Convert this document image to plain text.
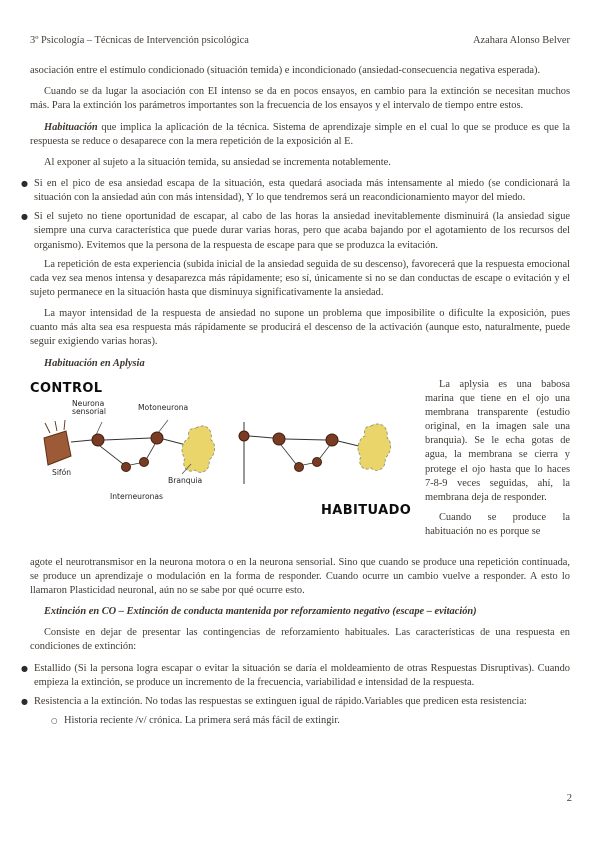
3º Psicología – Técnicas de Intervención psicológica	Azahara Alonso Belver

asociación entre el estímulo condicionado (situación temida) e incondicionado (ansiedad-consecuencia negativa esperada).

Cuando se da lugar la asociación con EI intenso se da en pocos ensayos, en cambio para la extinción se necesitan muchos más. Para la extinción los parámetros importantes son la frecuencia de los ensayos y el intervalo de tiempo entre estos.

Habituación que implica la aplicación de la técnica. Sistema de aprendizaje simple en el cual lo que se produce es que la respuesta se reduce o desaparece con la mera repetición de la exposición al E.

Al exponer al sujeto a la situación temida, su ansiedad se incrementa notablemente.

● Si en el pico de esa ansiedad escapa de la situación, esta quedará asociada más intensamente al miedo (se condicionará la situación con la ansiedad aún con más intensidad), Y lo que tendremos será un reacondicionamiento mayor del miedo.

● Si el sujeto no tiene oportunidad de escapar, al cabo de las horas la ansiedad inevitablemente disminuirá (la ansiedad sigue siempre una curva característica que puede durar varias horas, pero que acaba bajando por el agotamiento de los recursos del organismo). Evitemos que la persona de la respuesta de escape para que se produzca la evitación.

La repetición de esta experiencia (subida inicial de la ansiedad seguida de su descenso), favorecerá que la respuesta emocional cada vez sea menos intensa y desaparezca más rápidamente; eso sí, únicamente si no se dan conductas de escape o evitación y el sujeto permanece en la situación hasta que disminuya significativamente la ansiedad.

La mayor intensidad de la respuesta de ansiedad no supone un problema que imposibilite o dificulte la exposición, pues cuanto más alta sea esa respuesta más rápidamente se producirá el descenso de la activación (aunque esto, naturalmente, puede seguir exigiendo varias horas).

Habituación en Aplysia
CONTROL
Neurona sensorial
Motoneurona
Sifón
Branquia
Interneuronas
HABITUADO

La aplysia es una babosa marina que tiene en el ojo una membrana transparente (estudio original, en la imagen sale una branquia). Se le echa gotas de agua, la membrana se cierra y protege el ojo hasta que lo haces 7-8-9 veces seguidas, ahí, la membrana deja de responder.

Cuando se produce la habituación no es porque se

agote el neurotransmisor en la neurona motora o en la neurona sensorial. Sino que cuando se produce una repetición continuada, se produce un aprendizaje o modulación en la forma de responder. Cuando ocurre un cambio vuelve a responder. A esto lo llamaron Plasticidad neuronal, aún no se sabe por qué ocurre esto.

Extinción en CO – Extinción de conducta mantenida por reforzamiento negativo (escape – evitación)

Consiste en dejar de presentar las contingencias de reforzamiento habituales. Las características de una respuesta en condiciones de extinción:

● Estallido (Si la persona logra escapar o evitar la situación se daría el moldeamiento de otras Respuestas Disruptivas). Cuando empieza la extinción, se produce un incremento de la frecuencia, variabilidad e intensidad de la respuesta.

● Resistencia a la extinción. No todas las respuestas se extinguen igual de rápido.Variables que predicen esta resistencia:

○ Historia reciente /v/ crónica. La primera será más fácil de extingir.

2
